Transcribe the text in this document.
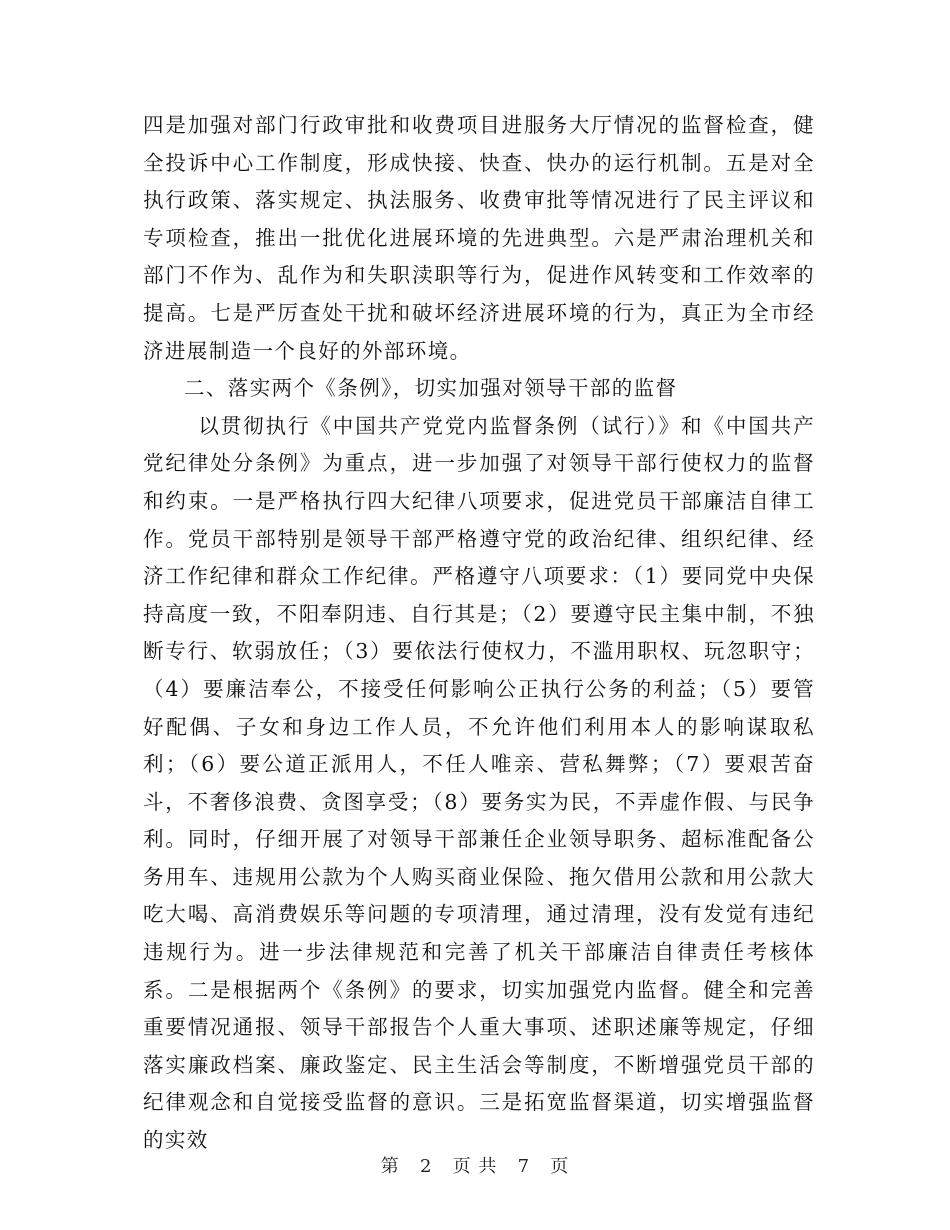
四是加强对部门行政审批和收费项目进服务大厅情况的监督检查，健全投诉中心工作制度，形成快接、快查、快办的运行机制。五是对全执行政策、落实规定、执法服务、收费审批等情况进行了民主评议和专项检查，推出一批优化进展环境的先进典型。六是严肃治理机关和部门不作为、乱作为和失职渎职等行为，促进作风转变和工作效率的提高。七是严厉查处干扰和破坏经济进展环境的行为，真正为全市经济进展制造一个良好的外部环境。

二、落实两个《条例》，切实加强对领导干部的监督

以贯彻执行《中国共产党党内监督条例（试行）》和《中国共产党纪律处分条例》为重点，进一步加强了对领导干部行使权力的监督和约束。一是严格执行四大纪律八项要求，促进党员干部廉洁自律工作。党员干部特别是领导干部严格遵守党的政治纪律、组织纪律、经济工作纪律和群众工作纪律。严格遵守八项要求：（1）要同党中央保持高度一致，不阳奉阴违、自行其是；（2）要遵守民主集中制，不独断专行、软弱放任；（3）要依法行使权力，不滥用职权、玩忽职守；（4）要廉洁奉公，不接受任何影响公正执行公务的利益；（5）要管好配偶、子女和身边工作人员，不允许他们利用本人的影响谋取私利；（6）要公道正派用人，不任人唯亲、营私舞弊；（7）要艰苦奋斗，不奢侈浪费、贪图享受；（8）要务实为民，不弄虚作假、与民争利。同时，仔细开展了对领导干部兼任企业领导职务、超标准配备公务用车、违规用公款为个人购买商业保险、拖欠借用公款和用公款大吃大喝、高消费娱乐等问题的专项清理，通过清理，没有发觉有违纪违规行为。进一步法律规范和完善了机关干部廉洁自律责任考核体系。二是根据两个《条例》的要求，切实加强党内监督。健全和完善重要情况通报、领导干部报告个人重大事项、述职述廉等规定，仔细落实廉政档案、廉政鉴定、民主生活会等制度，不断增强党员干部的纪律观念和自觉接受监督的意识。三是拓宽监督渠道，切实增强监督的实效

第 2 页 共 7 页
